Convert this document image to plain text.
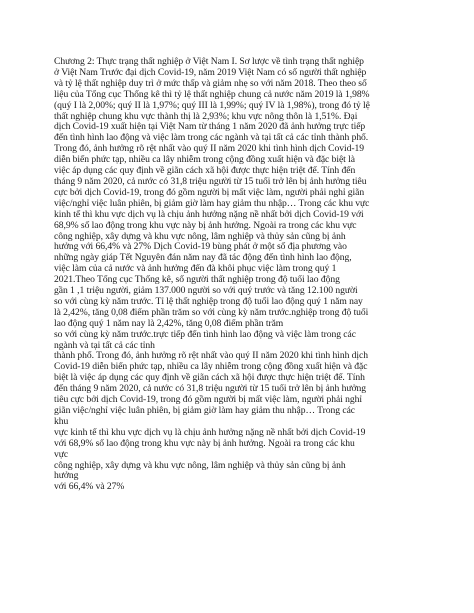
Chương 2: Thực trạng thất nghiệp ở Việt Nam I. Sơ lược về tình trạng thất nghiệp
ở Việt Nam Trước đại dịch Covid-19, năm 2019 Việt Nam có số người thất nghiệp
và tỷ lệ thất nghiệp duy trì ở mức thấp và giảm nhẹ so với năm 2018. Theo theo số
liệu của Tổng cục Thống kê thì tỷ lệ thất nghiệp chung cả nước năm 2019 là 1,98%
(quý I là 2,00%; quý II là 1,97%; quý III là 1,99%; quý IV là 1,98%), trong đó tỷ lệ
thất nghiệp chung khu vực thành thị là 2,93%; khu vực nông thôn là 1,51%. Đại
dịch Covid-19 xuất hiện tại Việt Nam từ tháng 1 năm 2020 đã ảnh hưởng trực tiếp
đến tình hình lao động và việc làm trong các ngành và tại tất cả các tỉnh thành phố.
Trong đó, ảnh hưởng rõ rệt nhất vào quý II năm 2020 khi tình hình dịch Covid-19
diễn biến phức tạp, nhiều ca lây nhiễm trong cộng đồng xuất hiện và đặc biệt là
việc áp dụng các quy định về giãn cách xã hội được thực hiện triệt để. Tính đến
tháng 9 năm 2020, cả nước có 31,8 triệu người từ 15 tuổi trở lên bị ảnh hưởng tiêu
cực bởi dịch Covid-19, trong đó gồm người bị mất việc làm, người phải nghỉ giãn
việc/nghỉ việc luân phiên, bị giảm giờ làm hay giảm thu nhập… Trong các khu vực
kinh tế thì khu vực dịch vụ là chịu ảnh hưởng nặng nề nhất bởi dịch Covid-19 với
68,9% số lao động trong khu vực này bị ảnh hưởng. Ngoài ra trong các khu vực
công nghiệp, xây dựng và khu vực nông, lâm nghiệp và thủy sản cũng bị ảnh
hưởng với 66,4% và 27% Dịch Covid-19 bùng phát ở một số địa phương vào
những ngày giáp Tết Nguyên đán năm nay đã tác động đến tình hình lao động,
việc làm của cả nước và ảnh hưởng đến đà khôi phục việc làm trong quý 1
2021.Theo Tổng cục Thống kê, số người thất nghiệp trong độ tuổi lao động
gần 1 ,1 triệu người, giảm 137.000 người so với quý trước và tăng 12.100 người
so với cùng kỳ năm trước. Tỉ lệ thất nghiệp trong độ tuổi lao động quý 1 năm nay
là 2,42%, tăng 0,08 điểm phần trăm so với cùng kỳ năm trước.nghiệp trong độ tuổi
lao động quý 1 năm nay là 2,42%, tăng 0,08 điểm phần trăm
so với cùng kỳ năm trước.trực tiếp đến tình hình lao động và việc làm trong các
ngành và tại tất cả các tỉnh

thành phố. Trong đó, ảnh hưởng rõ rệt nhất vào quý II năm 2020 khi tình hình dịch
Covid-19 diễn biến phức tạp, nhiều ca lây nhiễm trong cộng đồng xuất hiện và đặc
biệt là việc áp dụng các quy định về giãn cách xã hội được thực hiện triệt để. Tính
đến tháng 9 năm 2020, cả nước có 31,8 triệu người từ 15 tuổi trở lên bị ảnh hưởng
tiêu cực bởi dịch Covid-19, trong đó gồm người bị mất việc làm, người phải nghỉ
giãn việc/nghỉ việc luân phiên, bị giảm giờ làm hay giảm thu nhập… Trong các
khu
vực kinh tế thì khu vực dịch vụ là chịu ảnh hưởng nặng nề nhất bởi dịch Covid-19
với 68,9% số lao động trong khu vực này bị ảnh hưởng. Ngoài ra trong các khu
vực
công nghiệp, xây dựng và khu vực nông, lâm nghiệp và thủy sản cũng bị ảnh
hưởng
với 66,4% và 27%
